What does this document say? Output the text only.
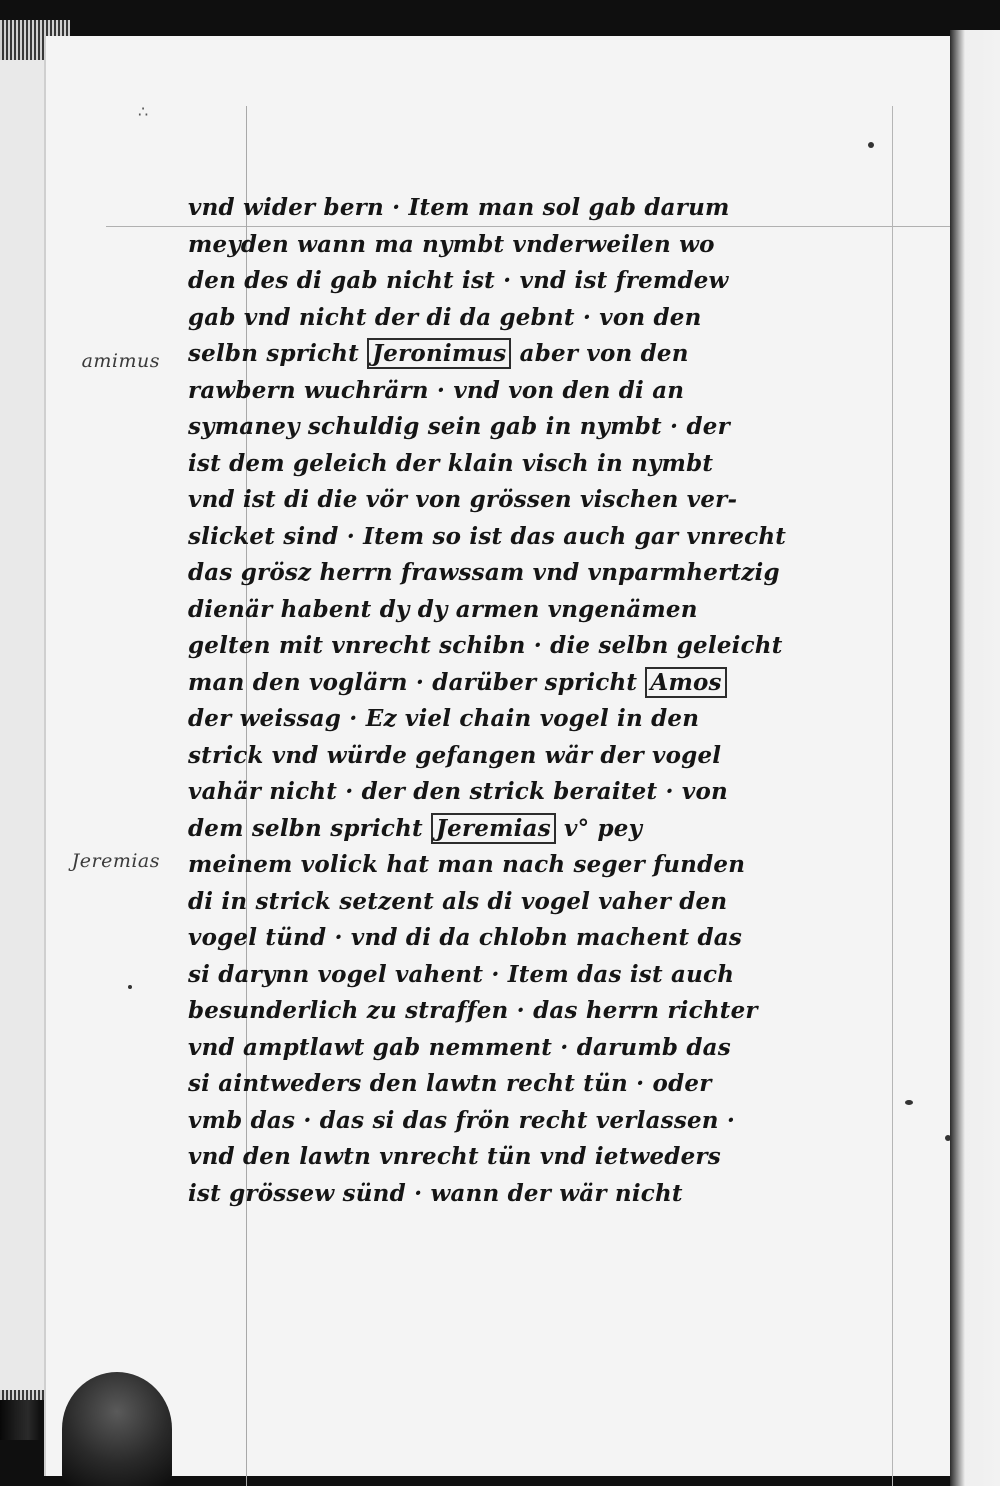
∴
amimus
Jeremias
vnd wider bern · Item man sol gab darum
meyden wann ma nymbt vnderweilen wo
den des di gab nicht ist · vnd ist fremdew
gab vnd nicht der di da gebnt · von den
selbn spricht Jeronimus aber von den
rawbern wuchrärn · vnd von den di an
symaney schuldig sein gab in nymbt · der
ist dem geleich der klain visch in nymbt
vnd ist di die vör von grössen vischen ver-
slicket sind · Item so ist das auch gar vnrecht
das grösz herrn frawssam vnd vnparmhertzig
dienär habent dy dy armen vngenämen
gelten mit vnrecht schibn · die selbn geleicht
man den voglärn · darüber spricht Amos
der weissag · Ez viel chain vogel in den
strick vnd würde gefangen wär der vogel
vahär nicht · der den strick beraitet · von
dem selbn spricht Jeremias v° pey
meinem volick hat man nach seger funden
di in strick setzent als di vogel vaher den
vogel tünd · vnd di da chlobn machent das
si darynn vogel vahent · Item das ist auch
besunderlich zu straffen · das herrn richter
vnd amptlawt gab nemment · darumb das
si aintweders den lawtn recht tün · oder
vmb das · das si das frön recht verlassen ·
vnd den lawtn vnrecht tün vnd ietweders
ist grössew sünd · wann der wär nicht
